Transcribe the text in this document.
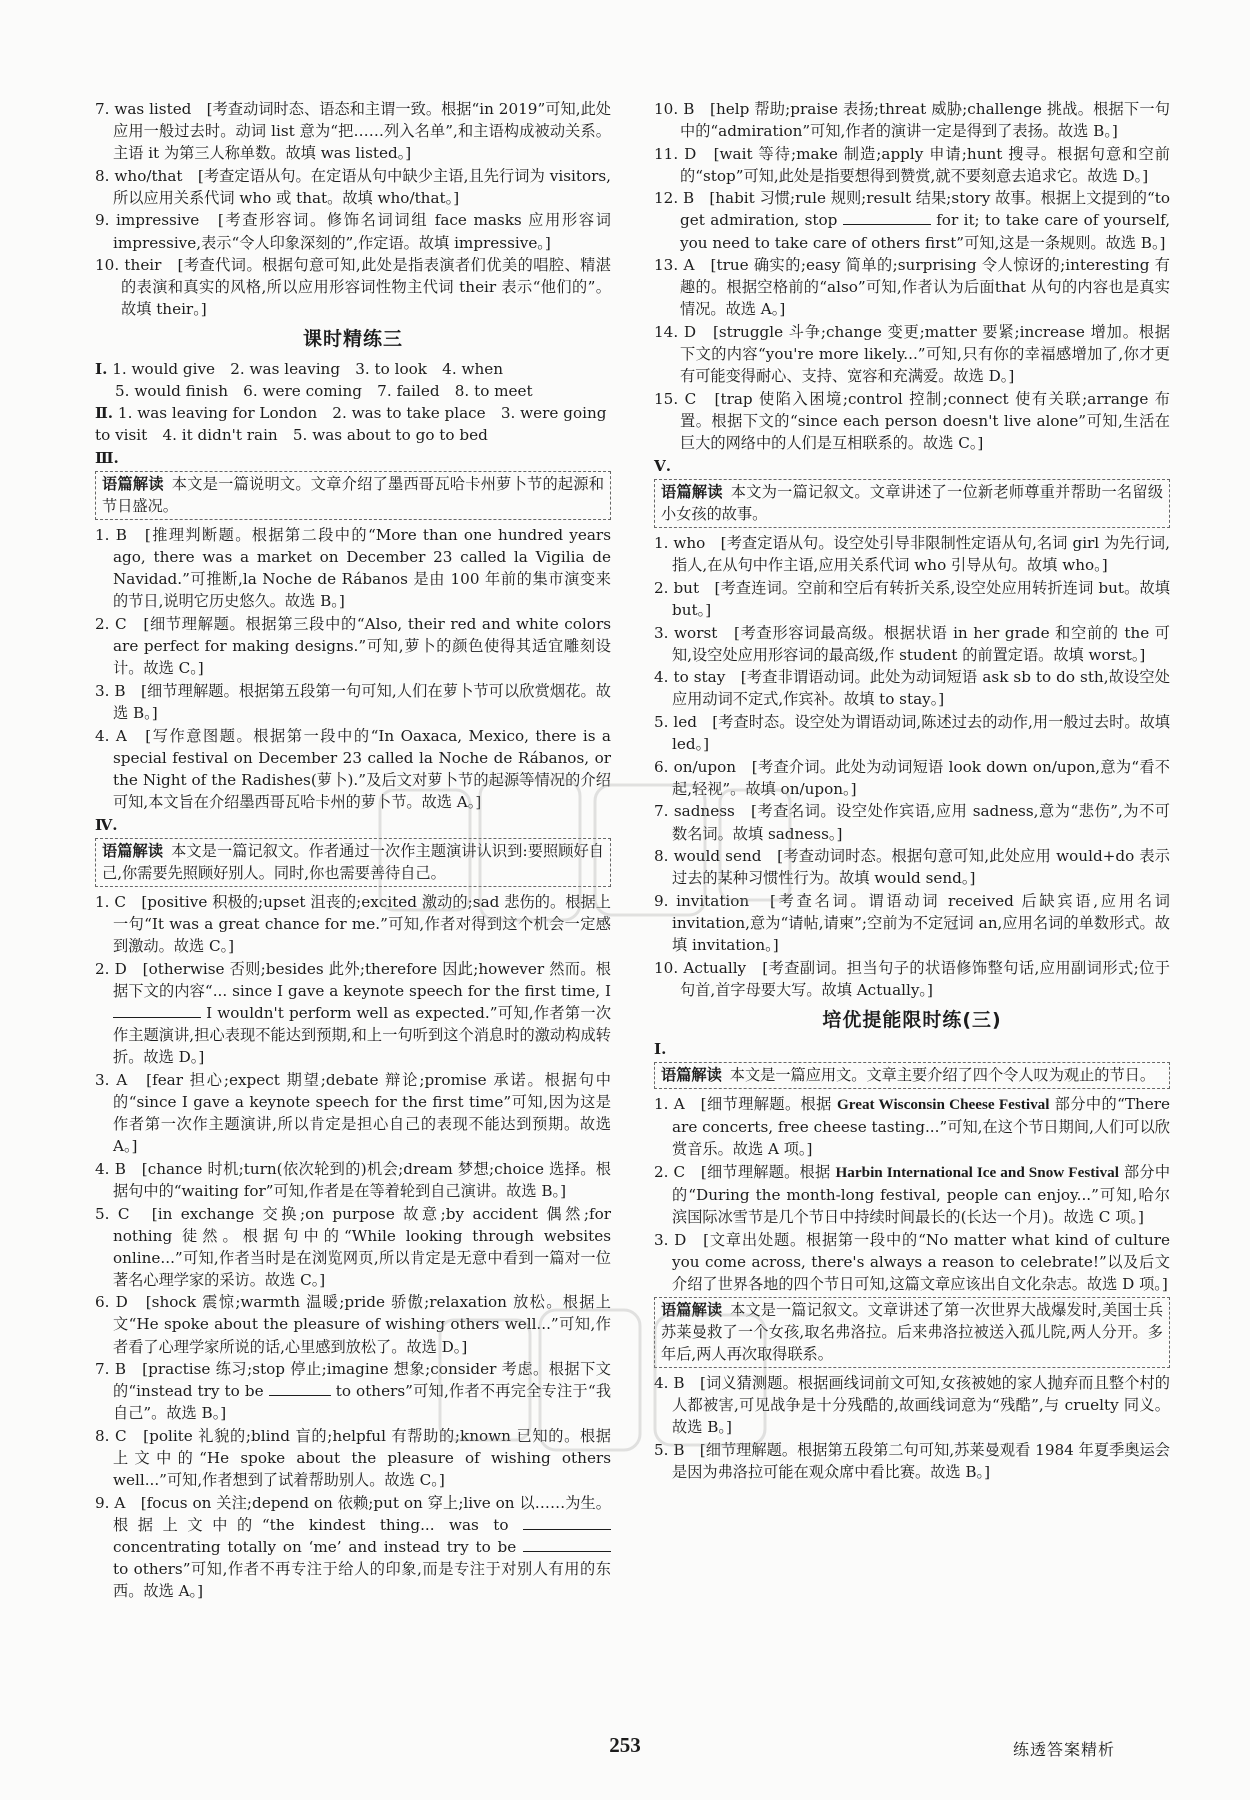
7. was listed　[考查动词时态、语态和主谓一致。根据“in 2019”可知,此处应用一般过去时。动词 list 意为“把……列入名单”,和主语构成被动关系。主语 it 为第三人称单数。故填 was listed。]

8. who/that　[考查定语从句。在定语从句中缺少主语,且先行词为 visitors,所以应用关系代词 who 或 that。故填 who/that。]

9. impressive　[考查形容词。修饰名词词组 face masks 应用形容词 impressive,表示“令人印象深刻的”,作定语。故填 impressive。]

10. their　[考查代词。根据句意可知,此处是指表演者们优美的唱腔、精湛的表演和真实的风格,所以应用形容词性物主代词 their 表示“他们的”。故填 their。]

课时精练三
Ⅰ. 1. would give　2. was leaving　3. to look　4. when
5. would finish　6. were coming　7. failed　8. to meet
Ⅱ. 1. was leaving for London　2. was to take place　3. were going to visit　4. it didn't rain　5. was about to go to bed
Ⅲ.
语篇解读 本文是一篇说明文。文章介绍了墨西哥瓦哈卡州萝卜节的起源和节日盛况。

1. B　[推理判断题。根据第二段中的“More than one hundred years ago, there was a market on December 23 called la Vigilia de Navidad.”可推断,la Noche de Rábanos 是由 100 年前的集市演变来的节日,说明它历史悠久。故选 B。]

2. C　[细节理解题。根据第三段中的“Also, their red and white colors are perfect for making designs.”可知,萝卜的颜色使得其适宜雕刻设计。故选 C。]

3. B　[细节理解题。根据第五段第一句可知,人们在萝卜节可以欣赏烟花。故选 B。]

4. A　[写作意图题。根据第一段中的“In Oaxaca, Mexico, there is a special festival on December 23 called la Noche de Rábanos, or the Night of the Radishes(萝卜).”及后文对萝卜节的起源等情况的介绍可知,本文旨在介绍墨西哥瓦哈卡州的萝卜节。故选 A。]

Ⅳ.
语篇解读 本文是一篇记叙文。作者通过一次作主题演讲认识到:要照顾好自己,你需要先照顾好别人。同时,你也需要善待自己。

1. C　[positive 积极的;upset 沮丧的;excited 激动的;sad 悲伤的。根据上一句“It was a great chance for me.”可知,作者对得到这个机会一定感到激动。故选 C。]

2. D　[otherwise 否则;besides 此外;therefore 因此;however 然而。根据下文的内容“... since I gave a keynote speech for the first time, I  I wouldn't perform well as expected.”可知,作者第一次作主题演讲,担心表现不能达到预期,和上一句听到这个消息时的激动构成转折。故选 D。]

3. A　[fear 担心;expect 期望;debate 辩论;promise 承诺。根据句中的“since I gave a keynote speech for the first time”可知,因为这是作者第一次作主题演讲,所以肯定是担心自己的表现不能达到预期。故选 A。]

4. B　[chance 时机;turn(依次轮到的)机会;dream 梦想;choice 选择。根据句中的“waiting for”可知,作者是在等着轮到自己演讲。故选 B。]

5. C　[in exchange 交换;on purpose 故意;by accident 偶然;for nothing 徒然。根据句中的“While looking through websites online...”可知,作者当时是在浏览网页,所以肯定是无意中看到一篇对一位著名心理学家的采访。故选 C。]

6. D　[shock 震惊;warmth 温暖;pride 骄傲;relaxation 放松。根据上文“He spoke about the pleasure of wishing others well...”可知,作者看了心理学家所说的话,心里感到放松了。故选 D。]

7. B　[practise 练习;stop 停止;imagine 想象;consider 考虑。根据下文的“instead try to be	to others”可知,作者不再完全专注于“我自己”。故选 B。]

8. C　[polite 礼貌的;blind 盲的;helpful 有帮助的;known 已知的。根据上文中的“He spoke about the pleasure of wishing others well...”可知,作者想到了试着帮助别人。故选 C。]

9. A　[focus on 关注;depend on 依赖;put on 穿上;live on 以……为生。根据上文中的“the kindest thing... was to  concentrating totally on ‘me’ and instead try to be  to others”可知,作者不再专注于给人的印象,而是专注于对别人有用的东西。故选 A。]

10. B　[help 帮助;praise 表扬;threat 威胁;challenge 挑战。根据下一句中的“admiration”可知,作者的演讲一定是得到了表扬。故选 B。]

11. D　[wait 等待;make 制造;apply 申请;hunt 搜寻。根据句意和空前的“stop”可知,此处是指要想得到赞赏,就不要刻意去追求它。故选 D。]

12. B　[habit 习惯;rule 规则;result 结果;story 故事。根据上文提到的“to get admiration, stop	for it; to take care of yourself, you need to take care of others first”可知,这是一条规则。故选 B。]

13. A　[true 确实的;easy 简单的;surprising 令人惊讶的;interesting 有趣的。根据空格前的“also”可知,作者认为后面that 从句的内容也是真实情况。故选 A。]

14. D　[struggle 斗争;change 变更;matter 要紧;increase 增加。根据下文的内容“you're more likely...”可知,只有你的幸福感增加了,你才更有可能变得耐心、支持、宽容和充满爱。故选 D。]

15. C　[trap 使陷入困境;control 控制;connect 使有关联;arrange 布置。根据下文的“since each person doesn't live alone”可知,生活在巨大的网络中的人们是互相联系的。故选 C。]

Ⅴ.
语篇解读 本文为一篇记叙文。文章讲述了一位新老师尊重并帮助一名留级小女孩的故事。

1. who　[考查定语从句。设空处引导非限制性定语从句,名词 girl 为先行词,指人,在从句中作主语,应用关系代词 who 引导从句。故填 who。]

2. but　[考查连词。空前和空后有转折关系,设空处应用转折连词 but。故填 but。]

3. worst　[考查形容词最高级。根据状语 in her grade 和空前的 the 可知,设空处应用形容词的最高级,作 student 的前置定语。故填 worst。]

4. to stay　[考查非谓语动词。此处为动词短语 ask sb to do sth,故设空处应用动词不定式,作宾补。故填 to stay。]

5. led　[考查时态。设空处为谓语动词,陈述过去的动作,用一般过去时。故填 led。]

6. on/upon　[考查介词。此处为动词短语 look down on/upon,意为“看不起,轻视”。故填 on/upon。]

7. sadness　[考查名词。设空处作宾语,应用 sadness,意为“悲伤”,为不可数名词。故填 sadness。]

8. would send　[考查动词时态。根据句意可知,此处应用 would+do 表示过去的某种习惯性行为。故填 would send。]

9. invitation　[考查名词。谓语动词 received 后缺宾语,应用名词 invitation,意为“请帖,请柬”;空前为不定冠词 an,应用名词的单数形式。故填 invitation。]

10. Actually　[考查副词。担当句子的状语修饰整句话,应用副词形式;位于句首,首字母要大写。故填 Actually。]

培优提能限时练(三)
Ⅰ.
语篇解读 本文是一篇应用文。文章主要介绍了四个令人叹为观止的节日。

1. A　[细节理解题。根据 Great Wisconsin Cheese Festival 部分中的“There are concerts, free cheese tasting...”可知,在这个节日期间,人们可以欣赏音乐。故选 A 项。]

2. C　[细节理解题。根据 Harbin International Ice and Snow Festival 部分中的“During the month-long festival, people can enjoy...”可知,哈尔滨国际冰雪节是几个节日中持续时间最长的(长达一个月)。故选 C 项。]

3. D　[文章出处题。根据第一段中的“No matter what kind of culture you come across, there's always a reason to celebrate!”以及后文介绍了世界各地的四个节日可知,这篇文章应该出自文化杂志。故选 D 项。]

语篇解读 本文是一篇记叙文。文章讲述了第一次世界大战爆发时,美国士兵苏莱曼救了一个女孩,取名弗洛拉。后来弗洛拉被送入孤儿院,两人分开。多年后,两人再次取得联系。

4. B　[词义猜测题。根据画线词前文可知,女孩被她的家人抛弃而且整个村的人都被害,可见战争是十分残酷的,故画线词意为“残酷”,与 cruelty 同义。故选 B。]

5. B　[细节理解题。根据第五段第二句可知,苏莱曼观看 1984 年夏季奥运会是因为弗洛拉可能在观众席中看比赛。故选 B。]

253	练透答案精析
